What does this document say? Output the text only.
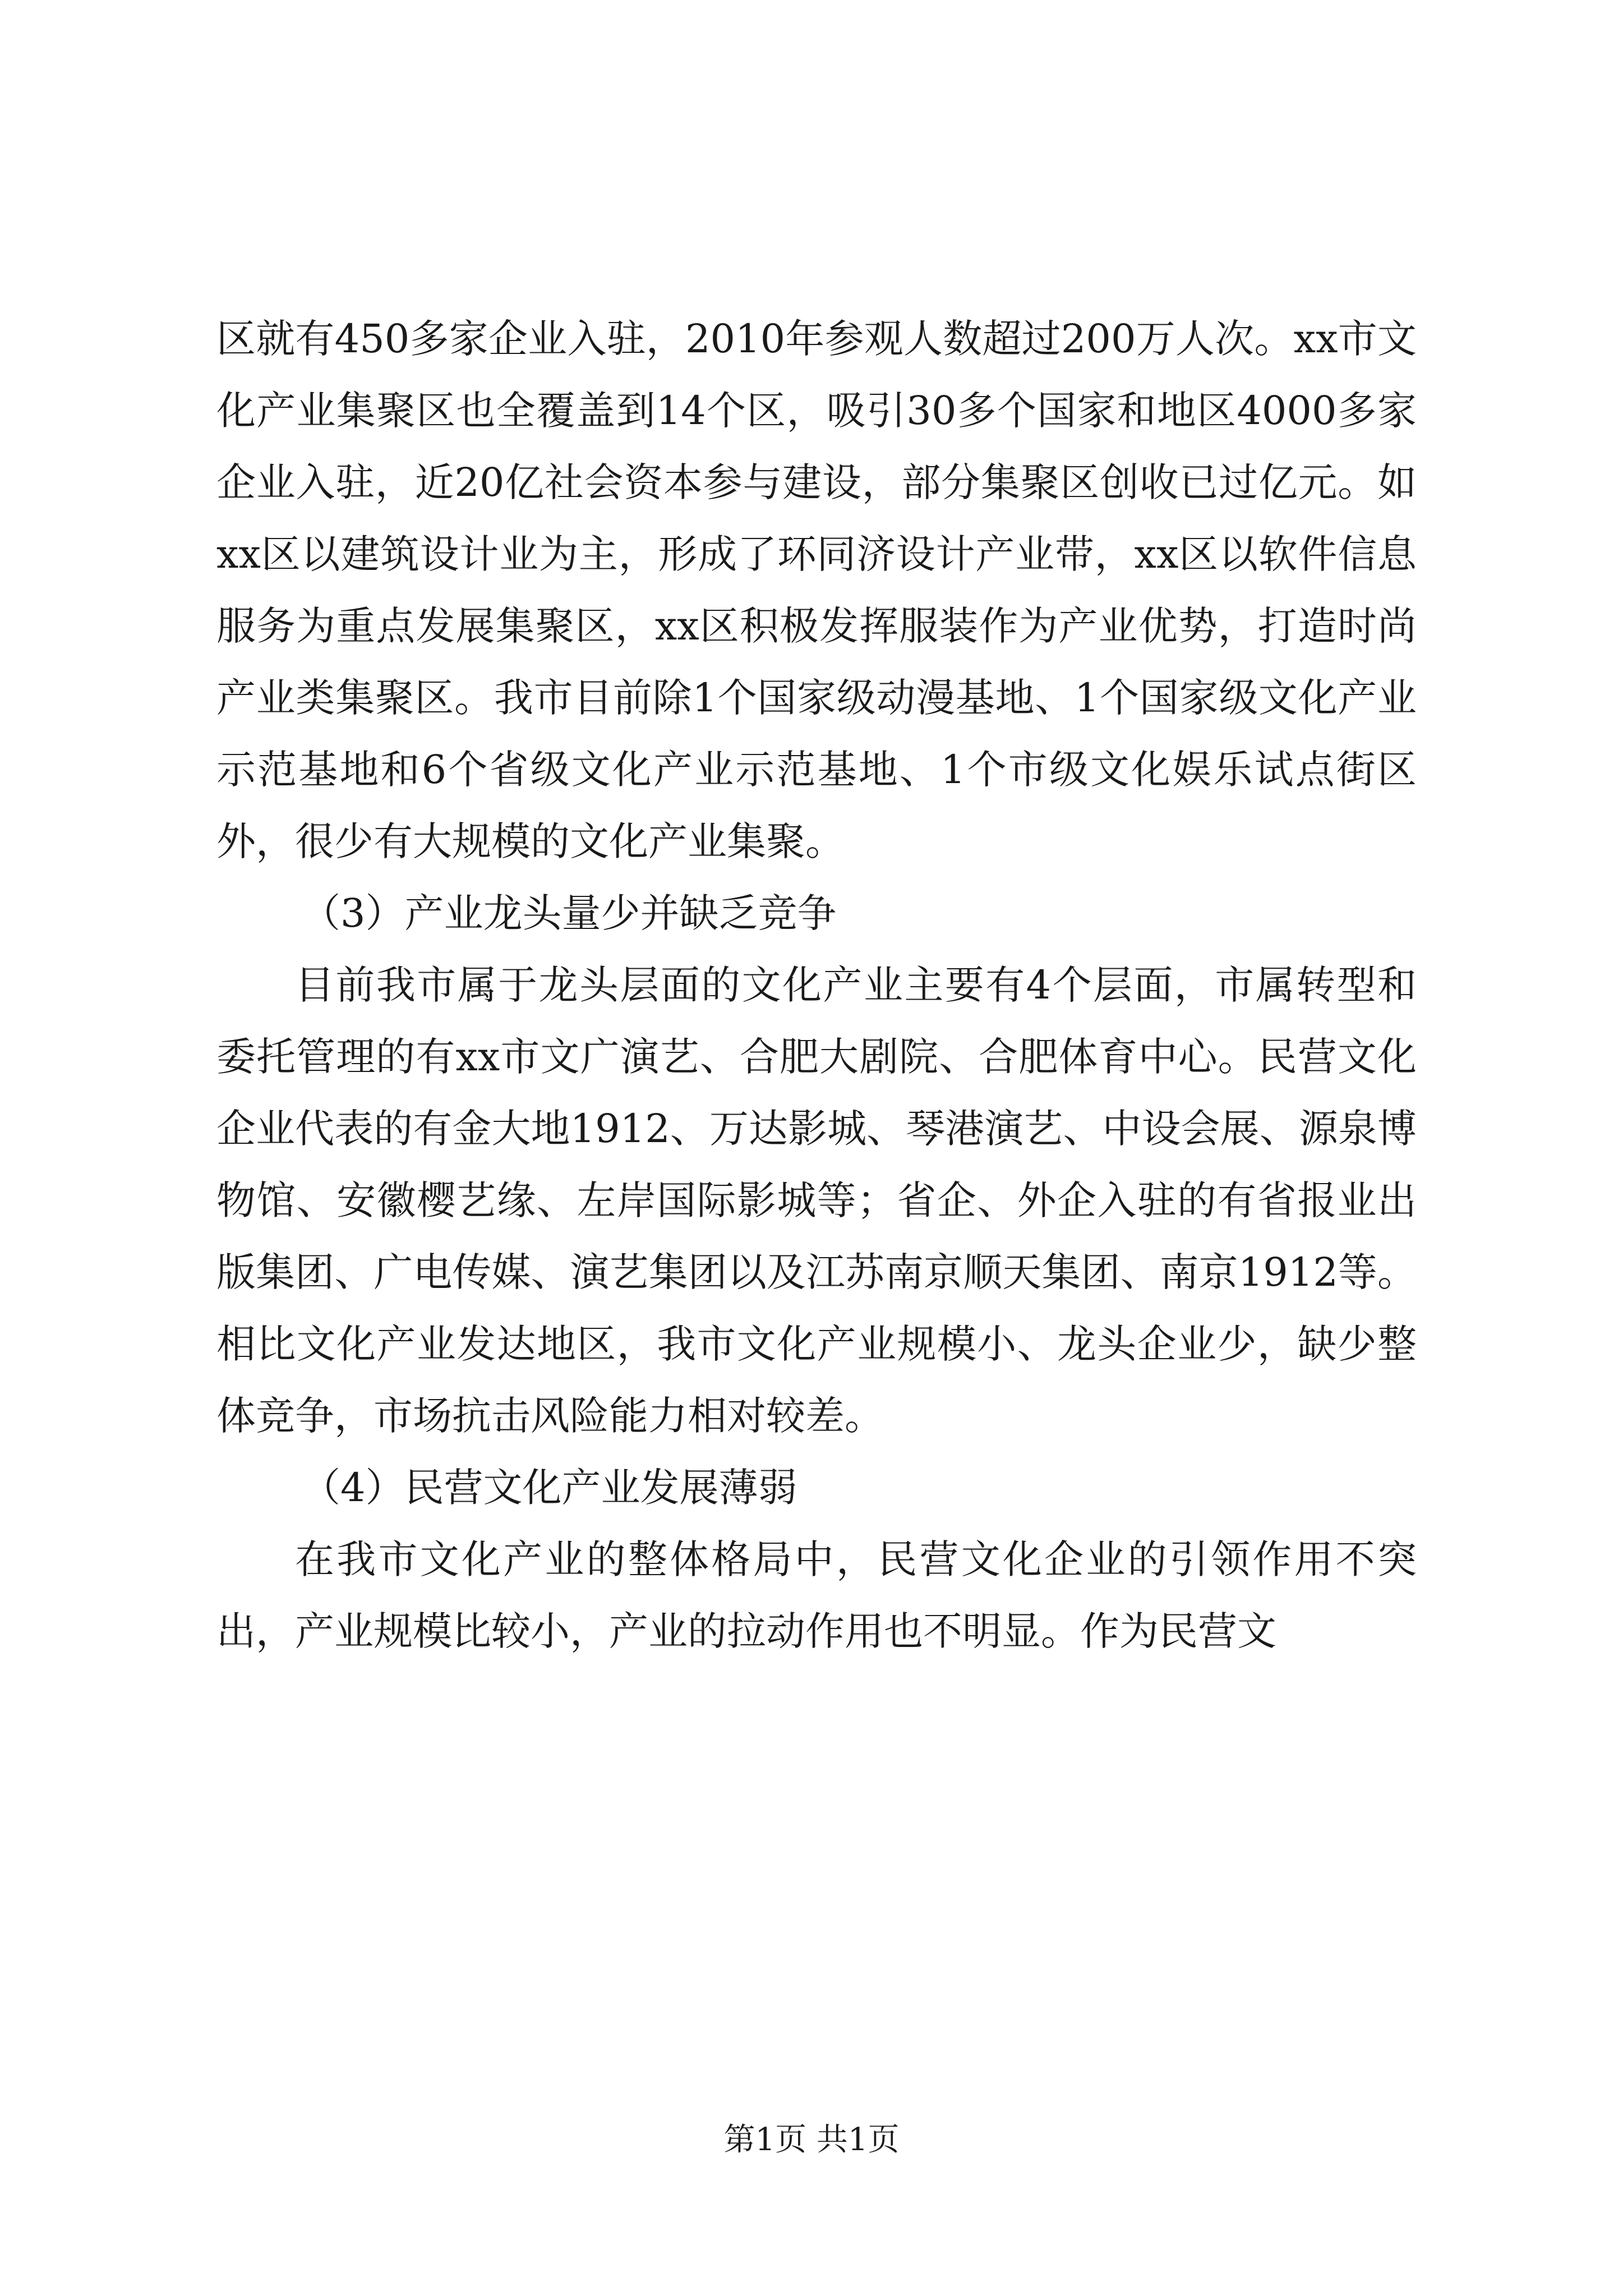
区就有450多家企业入驻，2010年参观人数超过200万人次。xx市文化产业集聚区也全覆盖到14个区，吸引30多个国家和地区4000多家企业入驻，近20亿社会资本参与建设，部分集聚区创收已过亿元。如xx区以建筑设计业为主，形成了环同济设计产业带，xx区以软件信息服务为重点发展集聚区，xx区积极发挥服装作为产业优势，打造时尚产业类集聚区。我市目前除1个国家级动漫基地、1个国家级文化产业示范基地和6个省级文化产业示范基地、1个市级文化娱乐试点街区外，很少有大规模的文化产业集聚。

（3）产业龙头量少并缺乏竞争

目前我市属于龙头层面的文化产业主要有4个层面，市属转型和委托管理的有xx市文广演艺、合肥大剧院、合肥体育中心。民营文化企业代表的有金大地1912、万达影城、琴港演艺、中设会展、源泉博物馆、安徽樱艺缘、左岸国际影城等；省企、外企入驻的有省报业出版集团、广电传媒、演艺集团以及江苏南京顺天集团、南京1912等。相比文化产业发达地区，我市文化产业规模小、龙头企业少，缺少整体竞争，市场抗击风险能力相对较差。

（4）民营文化产业发展薄弱

在我市文化产业的整体格局中，民营文化企业的引领作用不突出，产业规模比较小，产业的拉动作用也不明显。作为民营文

第1页 共1页
